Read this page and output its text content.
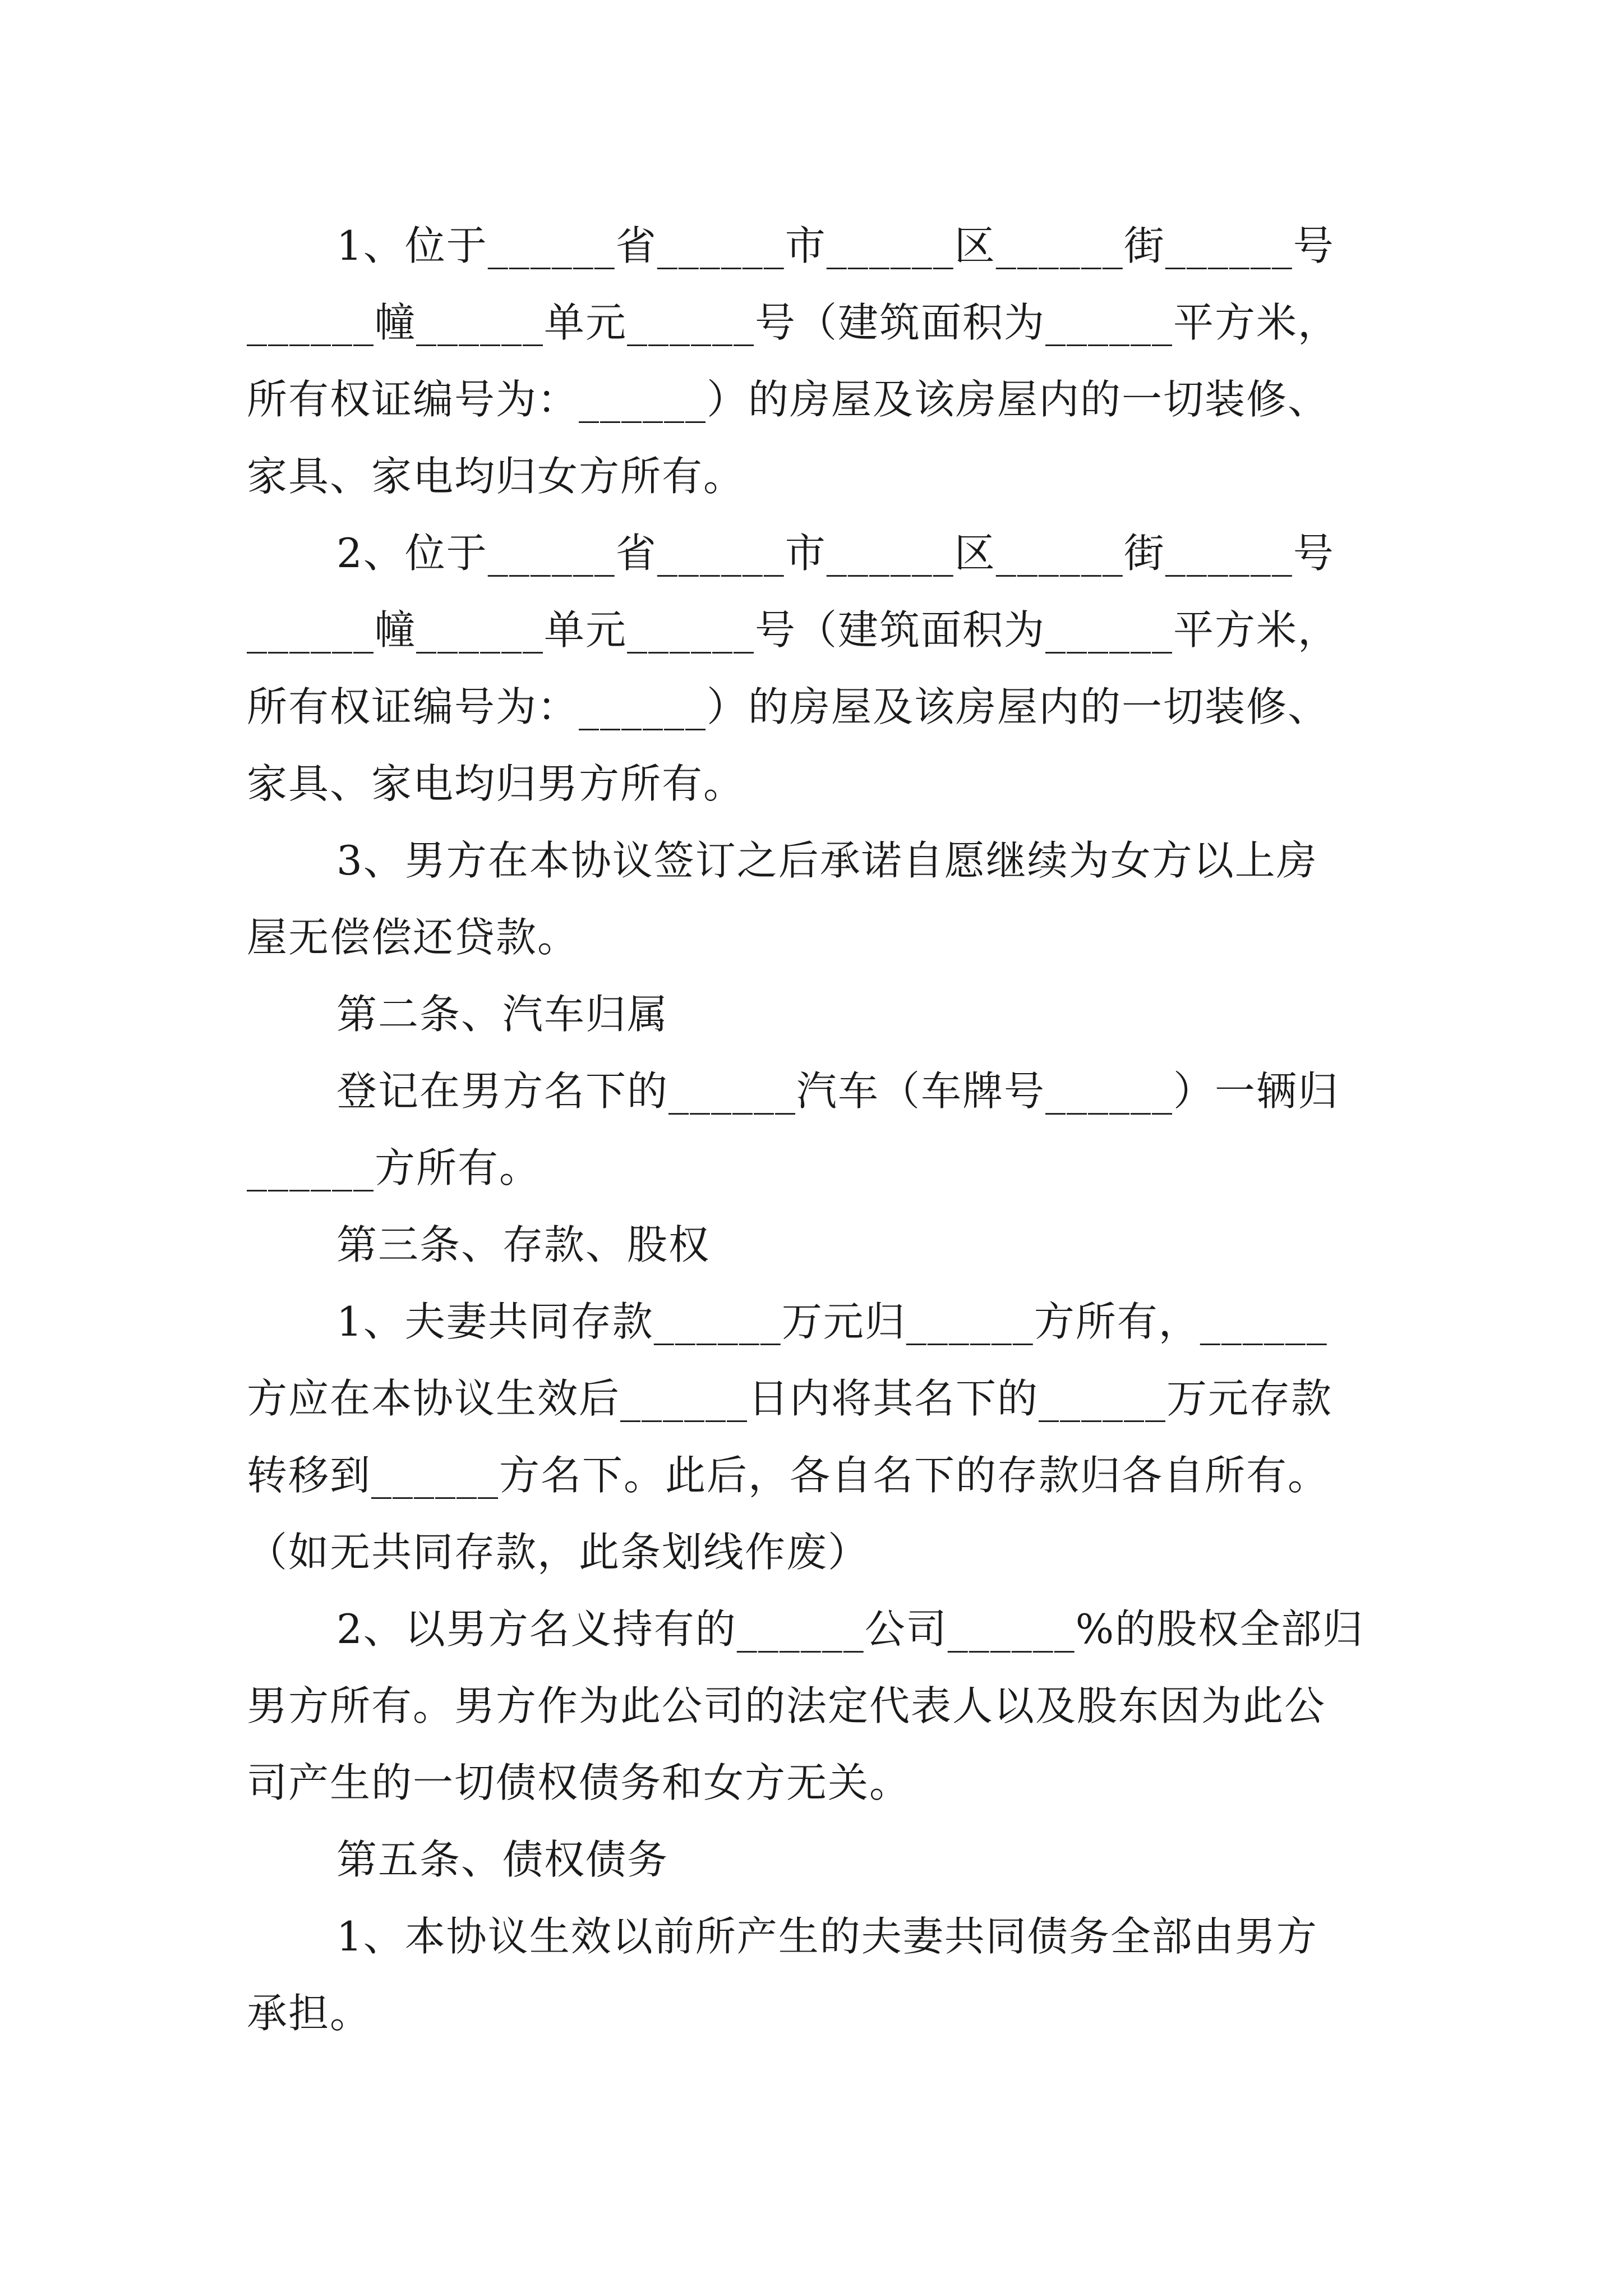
1、位于______省______市______区______街______号
______幢______单元______号（建筑面积为______平方米，
所有权证编号为：______）的房屋及该房屋内的一切装修、
家具、家电均归女方所有。
2、位于______省______市______区______街______号
______幢______单元______号（建筑面积为______平方米，
所有权证编号为：______）的房屋及该房屋内的一切装修、
家具、家电均归男方所有。
3、男方在本协议签订之后承诺自愿继续为女方以上房
屋无偿偿还贷款。
第二条、汽车归属
登记在男方名下的______汽车（车牌号______）一辆归
______方所有。
第三条、存款、股权
1、夫妻共同存款______万元归______方所有，______
方应在本协议生效后______日内将其名下的______万元存款
转移到______方名下。此后，各自名下的存款归各自所有。
（如无共同存款，此条划线作废）
2、以男方名义持有的______公司______%的股权全部归
男方所有。男方作为此公司的法定代表人以及股东因为此公
司产生的一切债权债务和女方无关。
第五条、债权债务
1、本协议生效以前所产生的夫妻共同债务全部由男方
承担。
